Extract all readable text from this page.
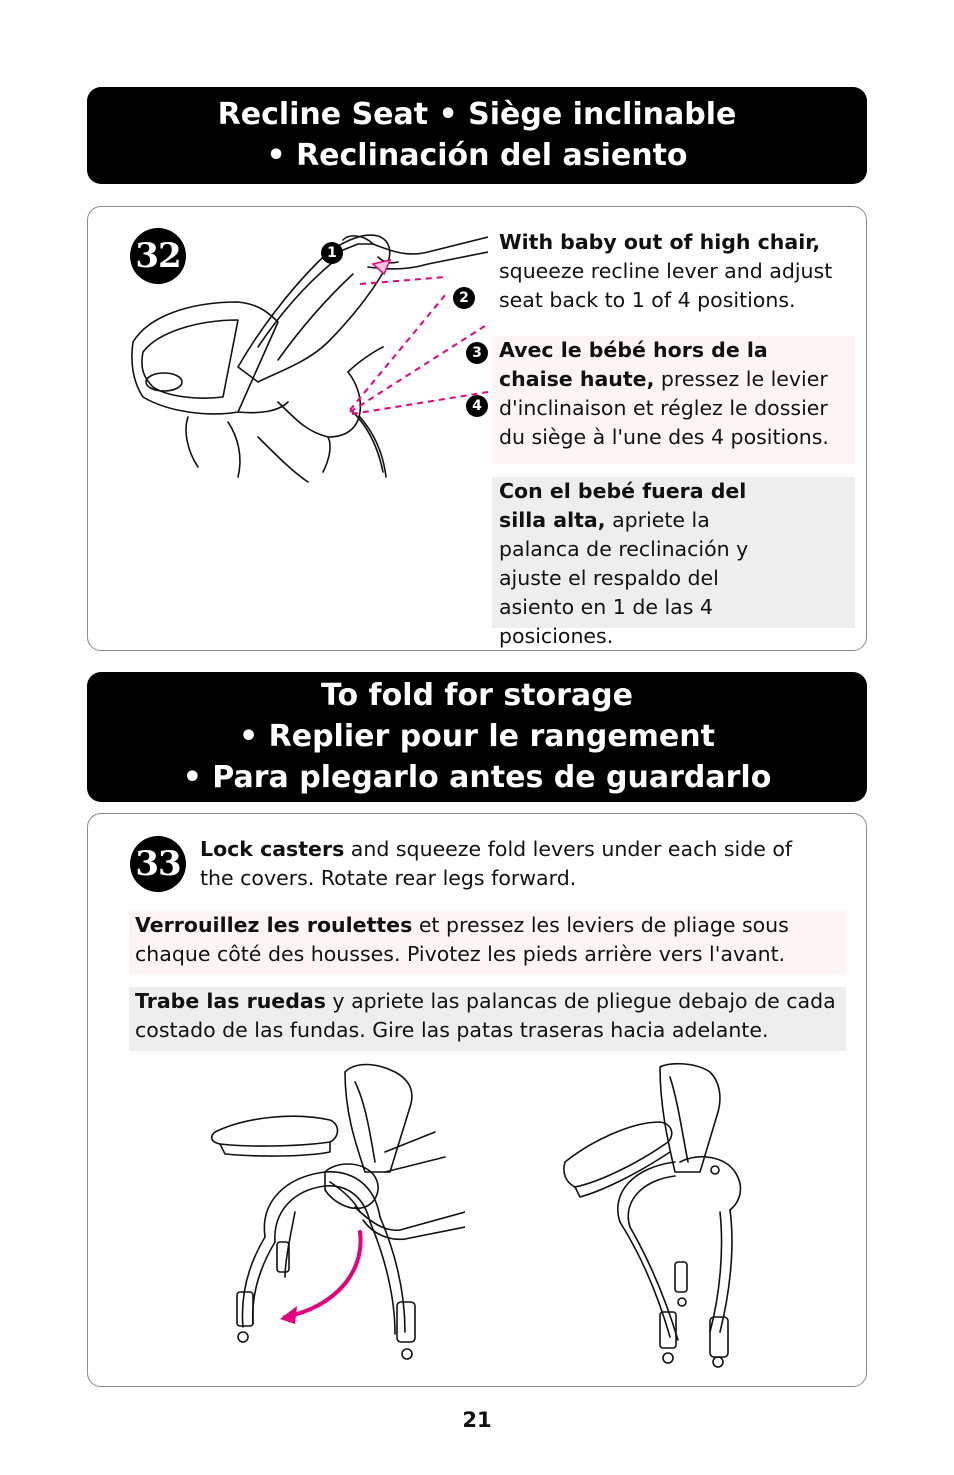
Recline Seat • Siège inclinable
• Reclinación del asiento
32	1
2
3
4
With baby out of high chair, squeeze recline lever and adjust seat back to 1 of 4 positions.
Avec le bébé hors de la chaise haute, pressez le levier d'inclinaison et réglez le dossier du siège à l'une des 4 positions.
Con el bebé fuera del silla alta, apriete la palanca de reclinación y ajuste el respaldo del asiento en 1 de las 4 posiciones.
To fold for storage
• Replier pour le rangement
• Para plegarlo antes de guardarlo
33 Lock casters and squeeze fold levers under each side of the covers. Rotate rear legs forward.
Verrouillez les roulettes et pressez les leviers de pliage sous chaque côté des housses. Pivotez les pieds arrière vers l'avant.
Trabe las ruedas y apriete las palancas de pliegue debajo de cada costado de las fundas. Gire las patas traseras hacia adelante.
21
